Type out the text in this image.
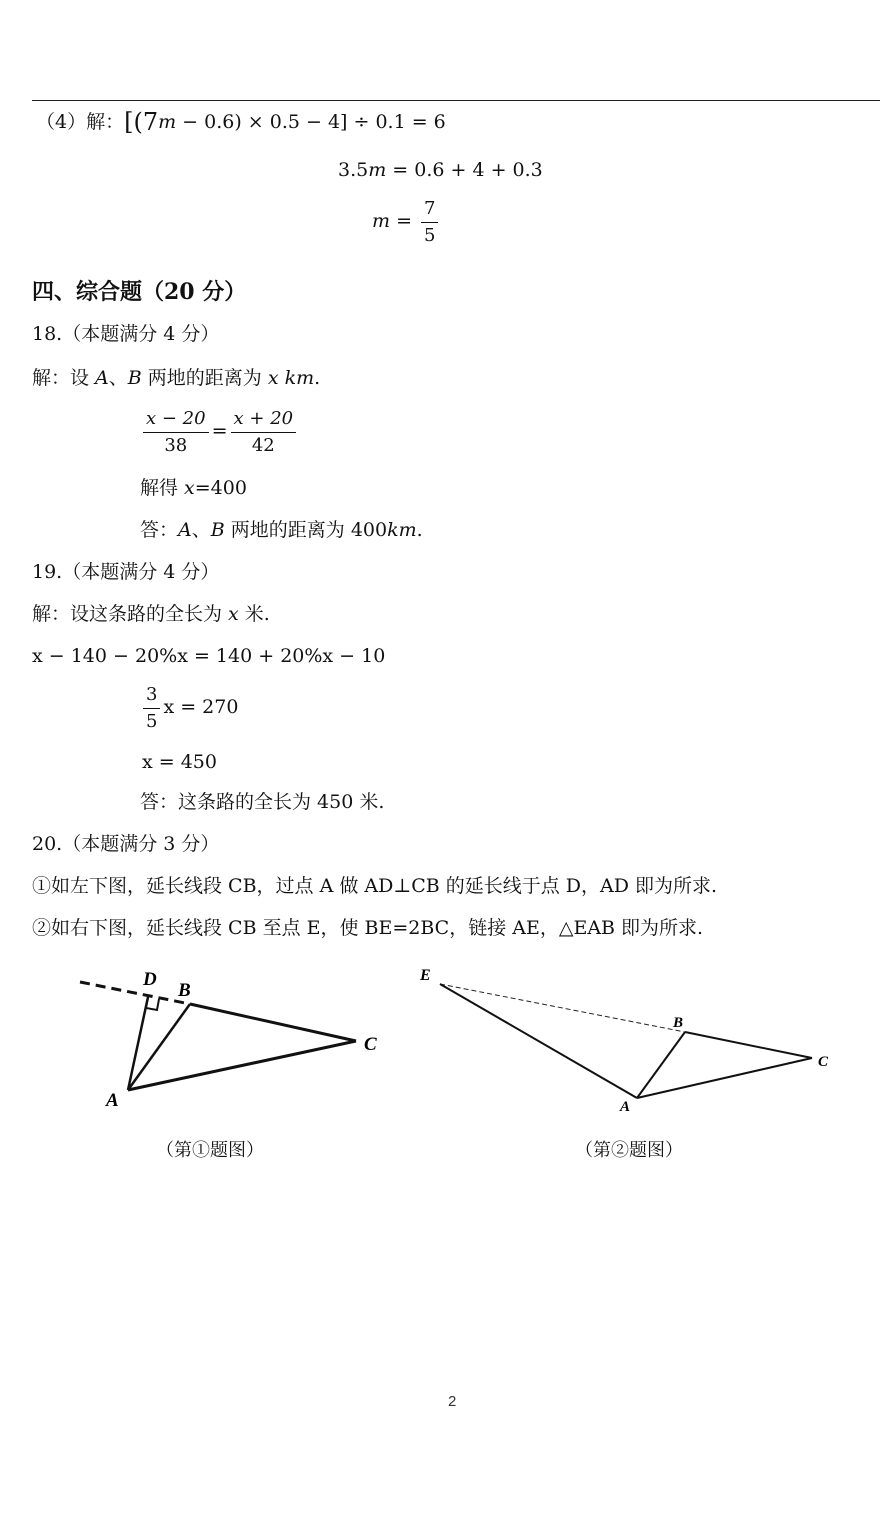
（4）解：[(7m − 0.6) × 0.5 − 4] ÷ 0.1 = 6
3.5m = 0.6 + 4 + 0.3
$m = \frac{7}{5}$
四、综合题（20 分）
18.（本题满分 4 分）
解：设 A、B 两地的距离为 x km.
$\frac{x - 20}{38} = \frac{x + 20}{42}$
解得 x=400
答：A、B 两地的距离为 400km.
19.（本题满分 4 分）
解：设这条路的全长为 x 米.
x − 140 − 20%x = 140 + 20%x − 10
$\frac{3}{5}$ x = 270
x = 450
答：这条路的全长为 450 米.
20.（本题满分 3 分）
①如左下图，延长线段 CB，过点 A 做 AD⊥CB 的延长线于点 D，AD 即为所求.
②如右下图，延长线段 CB 至点 E，使 BE=2BC，链接 AE，△EAB 即为所求.
D
B
C
A
E
B
C
A
（第①题图）	（第②题图）
2
